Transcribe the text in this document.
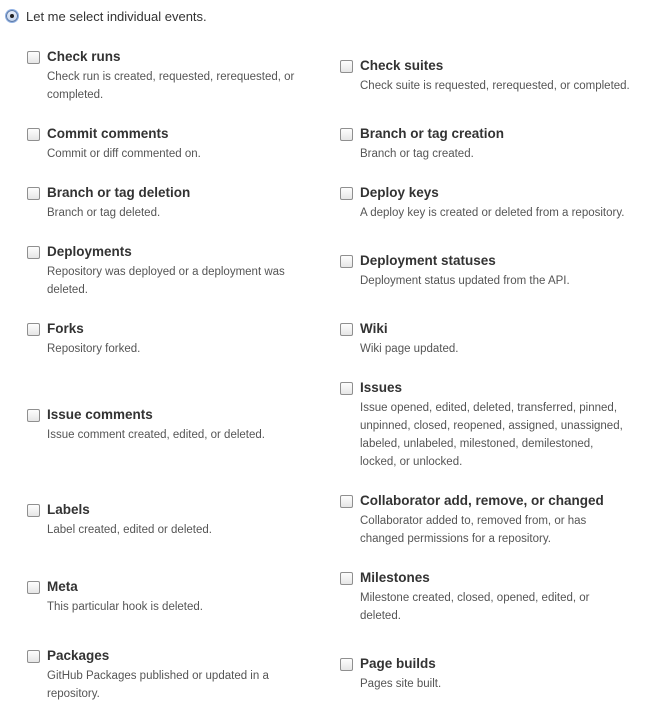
Let me select individual events.
Check runs
Check run is created, requested, rerequested, or completed.
Commit comments
Commit or diff commented on.
Branch or tag deletion
Branch or tag deleted.
Deployments
Repository was deployed or a deployment was deleted.
Forks
Repository forked.
Issue comments
Issue comment created, edited, or deleted.
Labels
Label created, edited or deleted.
Meta
This particular hook is deleted.
Packages
GitHub Packages published or updated in a repository.
Check suites
Check suite is requested, rerequested, or completed.
Branch or tag creation
Branch or tag created.
Deploy keys
A deploy key is created or deleted from a repository.
Deployment statuses
Deployment status updated from the API.
Wiki
Wiki page updated.
Issues
Issue opened, edited, deleted, transferred, pinned, unpinned, closed, reopened, assigned, unassigned, labeled, unlabeled, milestoned, demilestoned, locked, or unlocked.
Collaborator add, remove, or changed
Collaborator added to, removed from, or has changed permissions for a repository.
Milestones
Milestone created, closed, opened, edited, or deleted.
Page builds
Pages site built.
